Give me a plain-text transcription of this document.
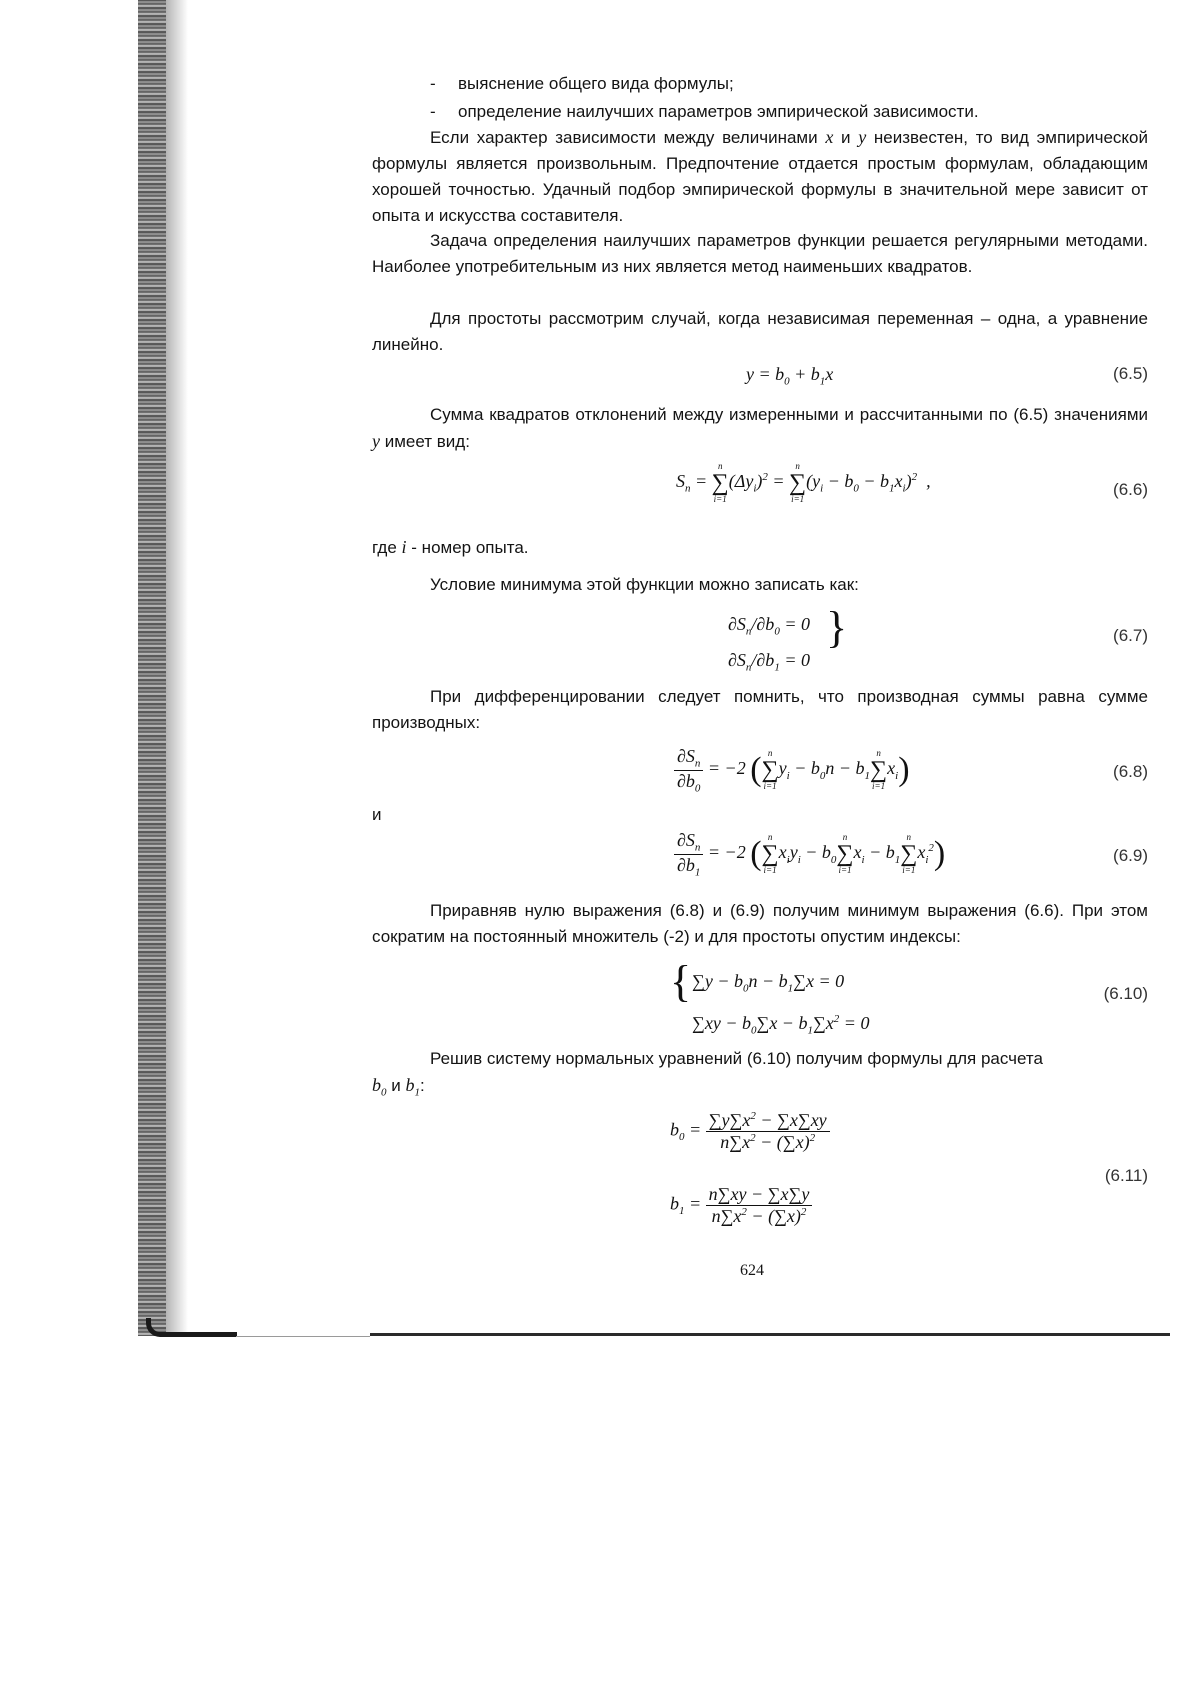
- выяснение общего вида формулы;
- определение наилучших параметров эмпирической зависимости.

Если характер зависимости между величинами x и y неизвестен, то вид эмпирической формулы является произвольным. Предпочтение отдается простым формулам, обладающим хорошей точностью. Удачный подбор эмпирической формулы в значительной мере зависит от опыта и искусства составителя.

Задача определения наилучших параметров функции решается регулярными методами. Наиболее употребительным из них является метод наименьших квадратов.

Для простоты рассмотрим случай, когда независимая переменная – одна, а уравнение линейно.

$y = b_0 + b_1x$	(6.5)

Сумма квадратов отклонений между измеренными и рассчитанными по (6.5) значениями y имеет вид:

$S_n$ =
n
∑
i=1
$(\Delta y_i)^2$ =
n
∑
i=1
$(y_i - b_0 - b_1x_i)^2$  ,	(6.6)
где i - номер опыта.
Условие минимума этой функции можно записать как:
$\partial S_n/\partial b_0 = 0$
$\partial S_n/\partial b_1 = 0$
}	(6.7)

При дифференцировании следует помнить, что производная суммы равна сумме производных:

$\frac{\partial S_n}{\partial b_0} = -2$ ( n
∑
i=1
$y_i - b_0n - b_1$
n
∑
i=1
$x_i$)	(6.8)
и
$\frac{\partial S_n}{\partial b_1} = -2$ ( n
∑
i=1
$x_iy_i - b_0$
n
∑
i=1
$x_i - b_1$
n
∑
i=1
$x_i^2$)	(6.9)

Приравняв нулю выражения (6.8) и (6.9) получим минимум выражения (6.6). При этом сократим на постоянный множитель (-2) и для простоты опустим индексы:

{ $\sum y - b_0n - b_1\sum x = 0$
$\sum xy - b_0\sum x - b_1\sum x^2 = 0$
(6.10)

Решив систему нормальных уравнений (6.10) получим формулы для расчета
$b_0$ и $b_1$:

$b_0 = \frac{\sum y\sum x^2 - \sum x\sum xy}{n\sum x^2 - (\sum x)^2}$
$b_1 = \frac{n\sum xy - \sum x\sum y}{n\sum x^2 - (\sum x)^2}$
(6.11)
624
